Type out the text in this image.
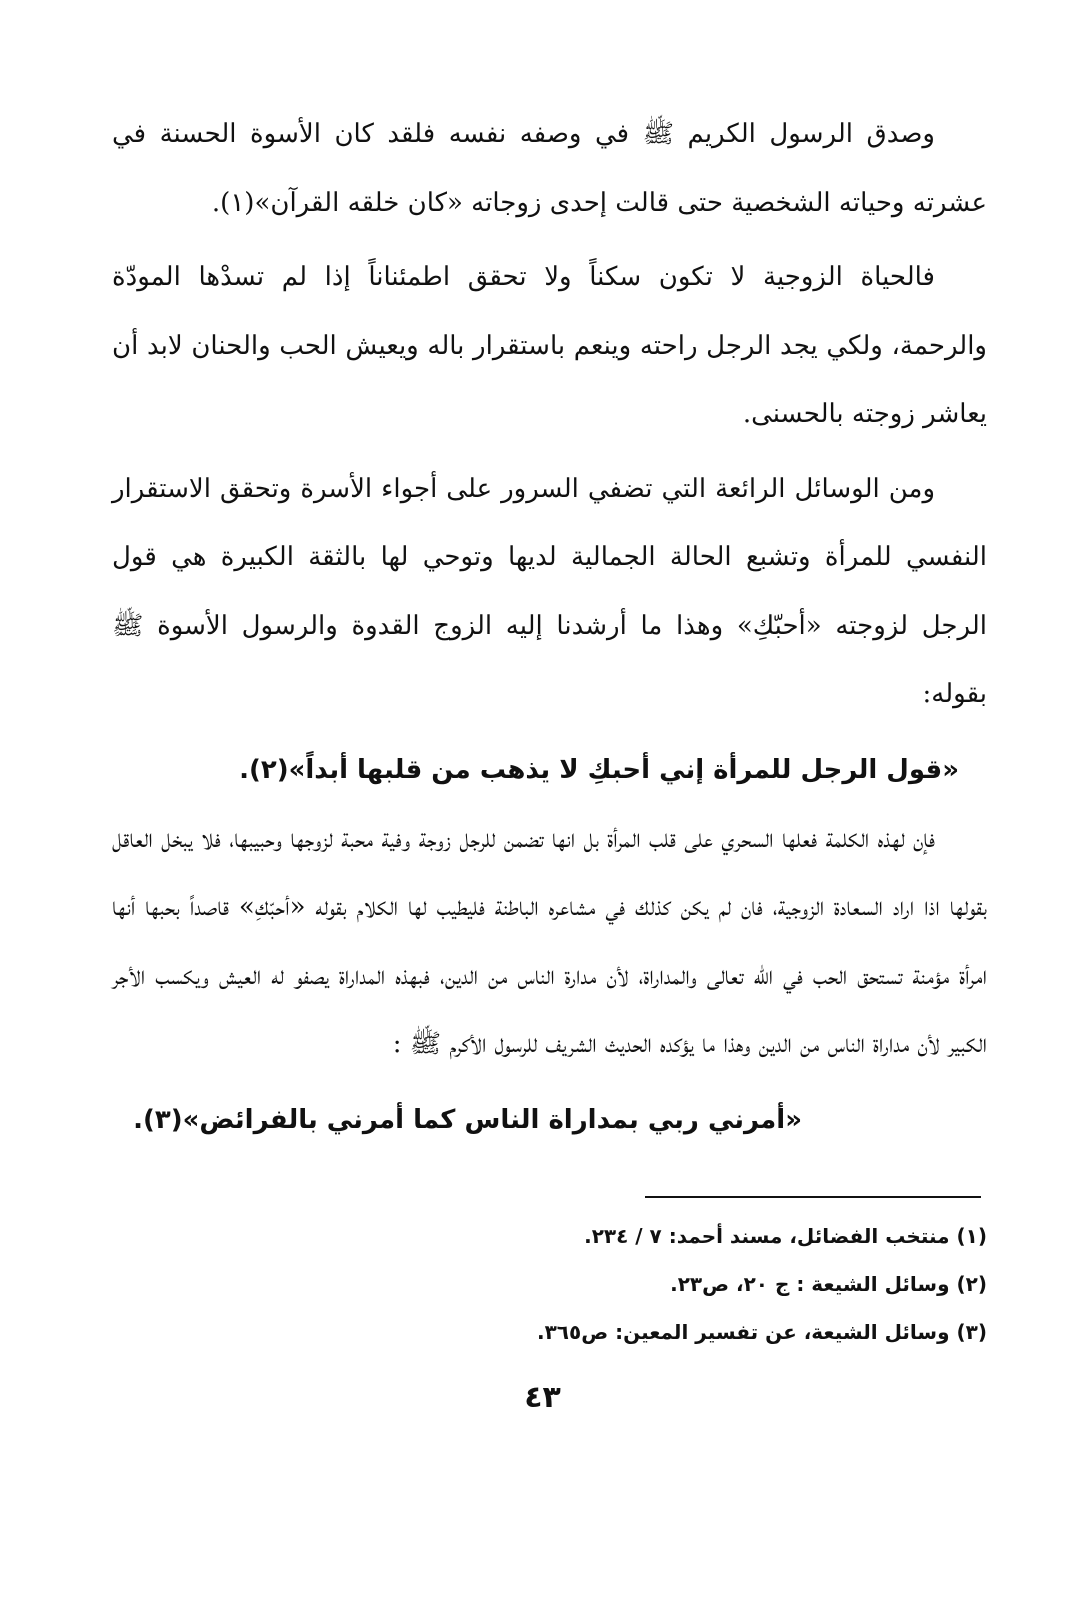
وصدق الرسول الكريم ﷺ في وصفه نفسه فلقد كان الأسوة الحسنة في عشرته وحياته الشخصية حتى قالت إحدى زوجاته «كان خلقه القرآن»(١).

فالحياة الزوجية لا تكون سكناً ولا تحقق اطمئناناً إذا لم تسدْها المودّة والرحمة، ولكي يجد الرجل راحته وينعم باستقرار باله ويعيش الحب والحنان لابد أن يعاشر زوجته بالحسنى.

ومن الوسائل الرائعة التي تضفي السرور على أجواء الأسرة وتحقق الاستقرار النفسي للمرأة وتشبع الحالة الجمالية لديها وتوحي لها بالثقة الكبيرة هي قول الرجل لزوجته «أحبّكِ» وهذا ما أرشدنا إليه الزوج القدوة والرسول الأسوة ﷺ بقوله:

«قول الرجل للمرأة إني أحبكِ لا يذهب من قلبها أبداً»(٢).

فإن لهذه الكلمة فعلها السحري على قلب المرأة بل انها تضمن للرجل زوجة وفية محبة لزوجها وحبيبها، فلا يبخل العاقل بقولها اذا اراد السعادة الزوجية، فان لم يكن كذلك في مشاعره الباطنة فليطيب لها الكلام بقوله «أحبّكِ» قاصداً بحبها أنها امرأة مؤمنة تستحق الحب في الله تعالى والمداراة، لأن مدارة الناس من الدين، فبهذه المداراة يصفو له العيش ويكسب الأجر الكبير لأن مداراة الناس من الدين وهذا ما يؤكده الحديث الشريف للرسول الأكرم ﷺ :

«أمرني ربي بمداراة الناس كما أمرني بالفرائض»(٣).

(١) منتخب الفضائل، مسند أحمد: ٧ / ٢٣٤.
(٢) وسائل الشيعة : ج ٢٠، ص٢٣.
(٣) وسائل الشيعة، عن تفسير المعين: ص٣٦٥.
٤٣
